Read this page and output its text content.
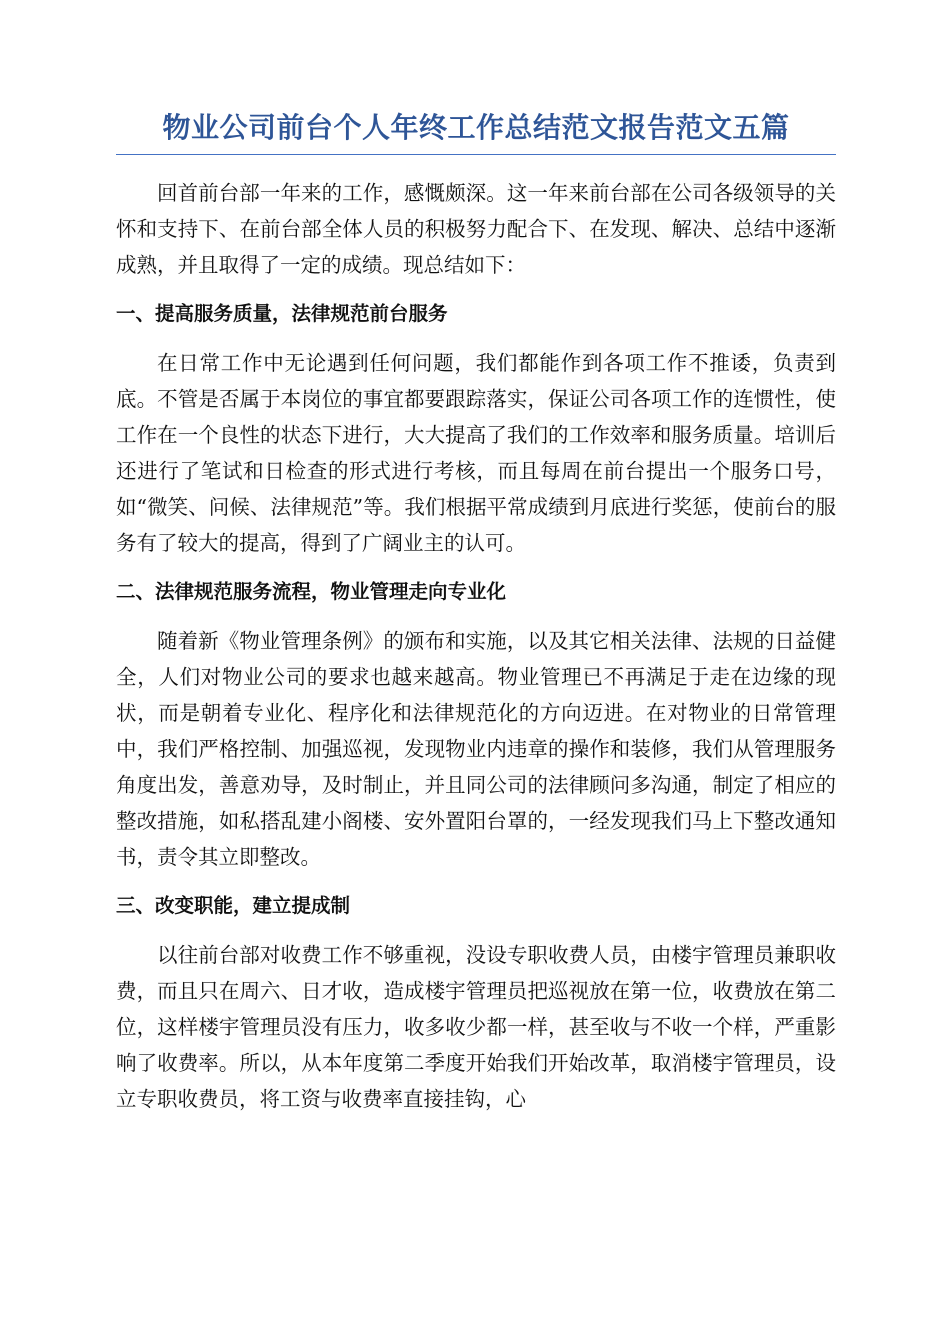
物业公司前台个人年终工作总结范文报告范文五篇

回首前台部一年来的工作，感慨颇深。这一年来前台部在公司各级领导的关怀和支持下、在前台部全体人员的积极努力配合下、在发现、解决、总结中逐渐成熟，并且取得了一定的成绩。现总结如下：

一、提高服务质量，法律规范前台服务

在日常工作中无论遇到任何问题，我们都能作到各项工作不推诿，负责到底。不管是否属于本岗位的事宜都要跟踪落实，保证公司各项工作的连惯性，使工作在一个良性的状态下进行，大大提高了我们的工作效率和服务质量。培训后还进行了笔试和日检查的形式进行考核，而且每周在前台提出一个服务口号，如“微笑、问候、法律规范”等。我们根据平常成绩到月底进行奖惩，使前台的服务有了较大的提高，得到了广阔业主的认可。

二、法律规范服务流程，物业管理走向专业化

随着新《物业管理条例》的颁布和实施，以及其它相关法律、法规的日益健全，人们对物业公司的要求也越来越高。物业管理已不再满足于走在边缘的现状，而是朝着专业化、程序化和法律规范化的方向迈进。在对物业的日常管理中，我们严格控制、加强巡视，发现物业内违章的操作和装修，我们从管理服务角度出发，善意劝导，及时制止，并且同公司的法律顾问多沟通，制定了相应的整改措施，如私搭乱建小阁楼、安外置阳台罩的，一经发现我们马上下整改通知书，责令其立即整改。

三、改变职能，建立提成制

以往前台部对收费工作不够重视，没设专职收费人员，由楼宇管理员兼职收费，而且只在周六、日才收，造成楼宇管理员把巡视放在第一位，收费放在第二位，这样楼宇管理员没有压力，收多收少都一样，甚至收与不收一个样，严重影响了收费率。所以，从本年度第二季度开始我们开始改革，取消楼宇管理员，设立专职收费员，将工资与收费率直接挂钩，心
